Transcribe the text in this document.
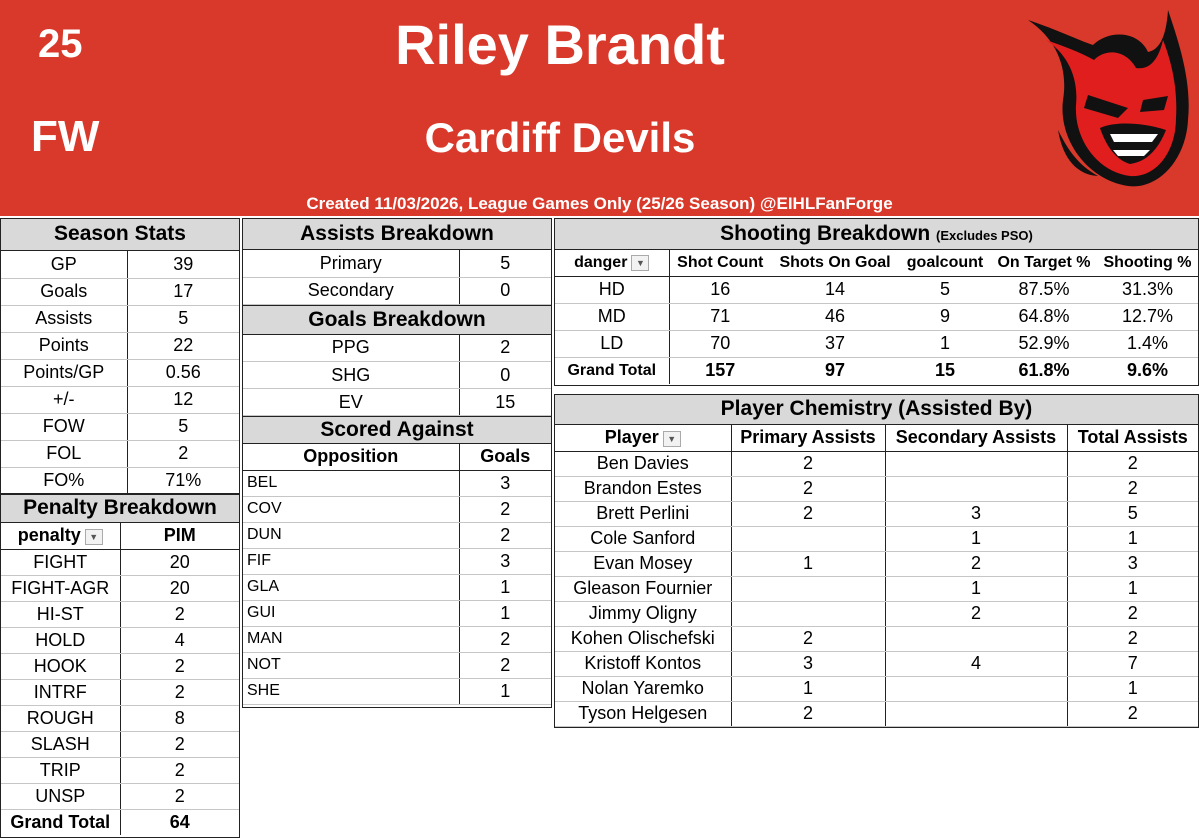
25
FW
Riley Brandt
Cardiff Devils
Created 11/03/2026, League Games Only (25/26 Season) @EIHLFanForge
Season Stats
GP	39
Goals	17
Assists	5
Points	22
Points/GP	0.56
+/-	12
FOW	5
FOL	2
FO%	71%
Penalty Breakdown
penalty ▼	PIM
FIGHT	20
FIGHT-AGR	20
HI-ST	2
HOLD	4
HOOK	2
INTRF	2
ROUGH	8
SLASH	2
TRIP	2
UNSP	2
Grand Total	64
Assists Breakdown
Primary	5
Secondary	0
Goals Breakdown
PPG	2
SHG	0
EV	15
Scored Against
Opposition	Goals
BEL	3
COV	2
DUN	2
FIF	3
GLA	1
GUI	1
MAN	2
NOT	2
SHE	1
Shooting Breakdown (Excludes PSO)
danger ▼	Shot Count	Shots On Goal	goalcount	On Target %	Shooting %
HD	16	14	5	87.5%	31.3%
MD	71	46	9	64.8%	12.7%
LD	70	37	1	52.9%	1.4%
Grand Total	157	97	15	61.8%	9.6%
Player Chemistry (Assisted By)
Player ▼	Primary Assists	Secondary Assists	Total Assists
Ben Davies	2		2
Brandon Estes	2		2
Brett Perlini	2	3	5
Cole Sanford		1	1
Evan Mosey	1	2	3
Gleason Fournier		1	1
Jimmy Oligny		2	2
Kohen Olischefski	2		2
Kristoff Kontos	3	4	7
Nolan Yaremko	1		1
Tyson Helgesen	2		2
